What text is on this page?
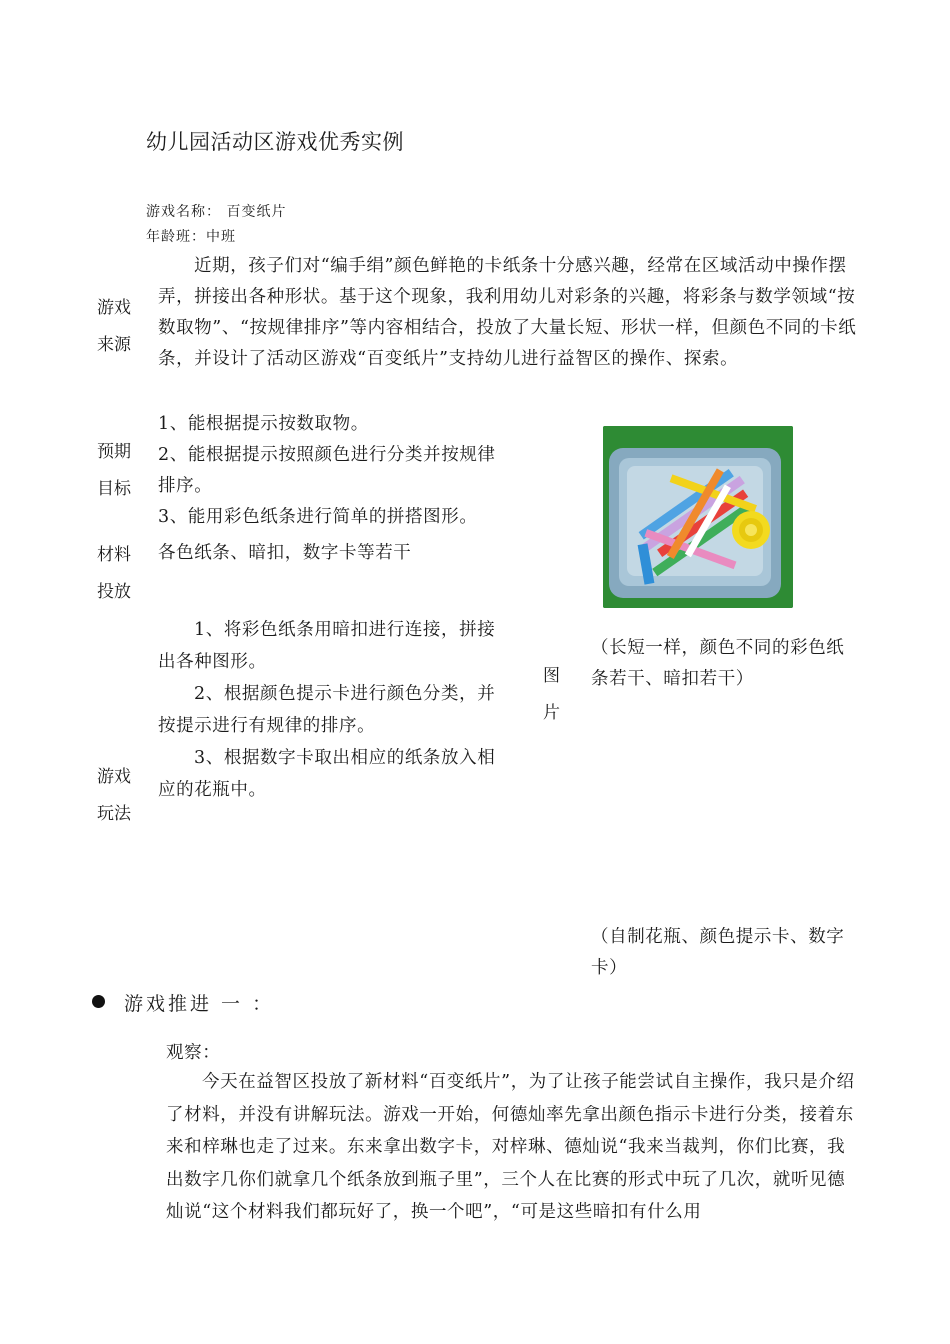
幼儿园活动区游戏优秀实例
游戏名称： 百变纸片
年龄班：中班
游戏
来源
近期，孩子们对“编手绢”颜色鲜艳的卡纸条十分感兴趣，经常在区域活动中操作摆弄，拼接出各种形状。基于这个现象，我利用幼儿对彩条的兴趣，将彩条与数学领域“按数取物”、“按规律排序”等内容相结合，投放了大量长短、形状一样，但颜色不同的卡纸条，并设计了活动区游戏“百变纸片”支持幼儿进行益智区的操作、探索。
预期
目标
1、能根据提示按数取物。
2、能根据提示按照颜色进行分类并按规律
排序。
3、能用彩色纸条进行简单的拼搭图形。
材料
投放
各色纸条、暗扣，数字卡等若干
游戏
玩法
1、将彩色纸条用暗扣进行连接，拼接
出各种图形。
2、根据颜色提示卡进行颜色分类，并
按提示进行有规律的排序。
3、根据数字卡取出相应的纸条放入相
应的花瓶中。
图
片
（长短一样，颜色不同的彩色纸
条若干、暗扣若干）
（自制花瓶、颜色提示卡、数字
卡）
游戏推进 一 ：
观察：
今天在益智区投放了新材料“百变纸片”，为了让孩子能尝试自主操作，我只是介绍了材料，并没有讲解玩法。游戏一开始，何德灿率先拿出颜色指示卡进行分类，接着东来和梓琳也走了过来。东来拿出数字卡，对梓琳、德灿说“我来当裁判，你们比赛，我出数字几你们就拿几个纸条放到瓶子里”，三个人在比赛的形式中玩了几次，就听见德灿说“这个材料我们都玩好了，换一个吧”，“可是这些暗扣有什么用
